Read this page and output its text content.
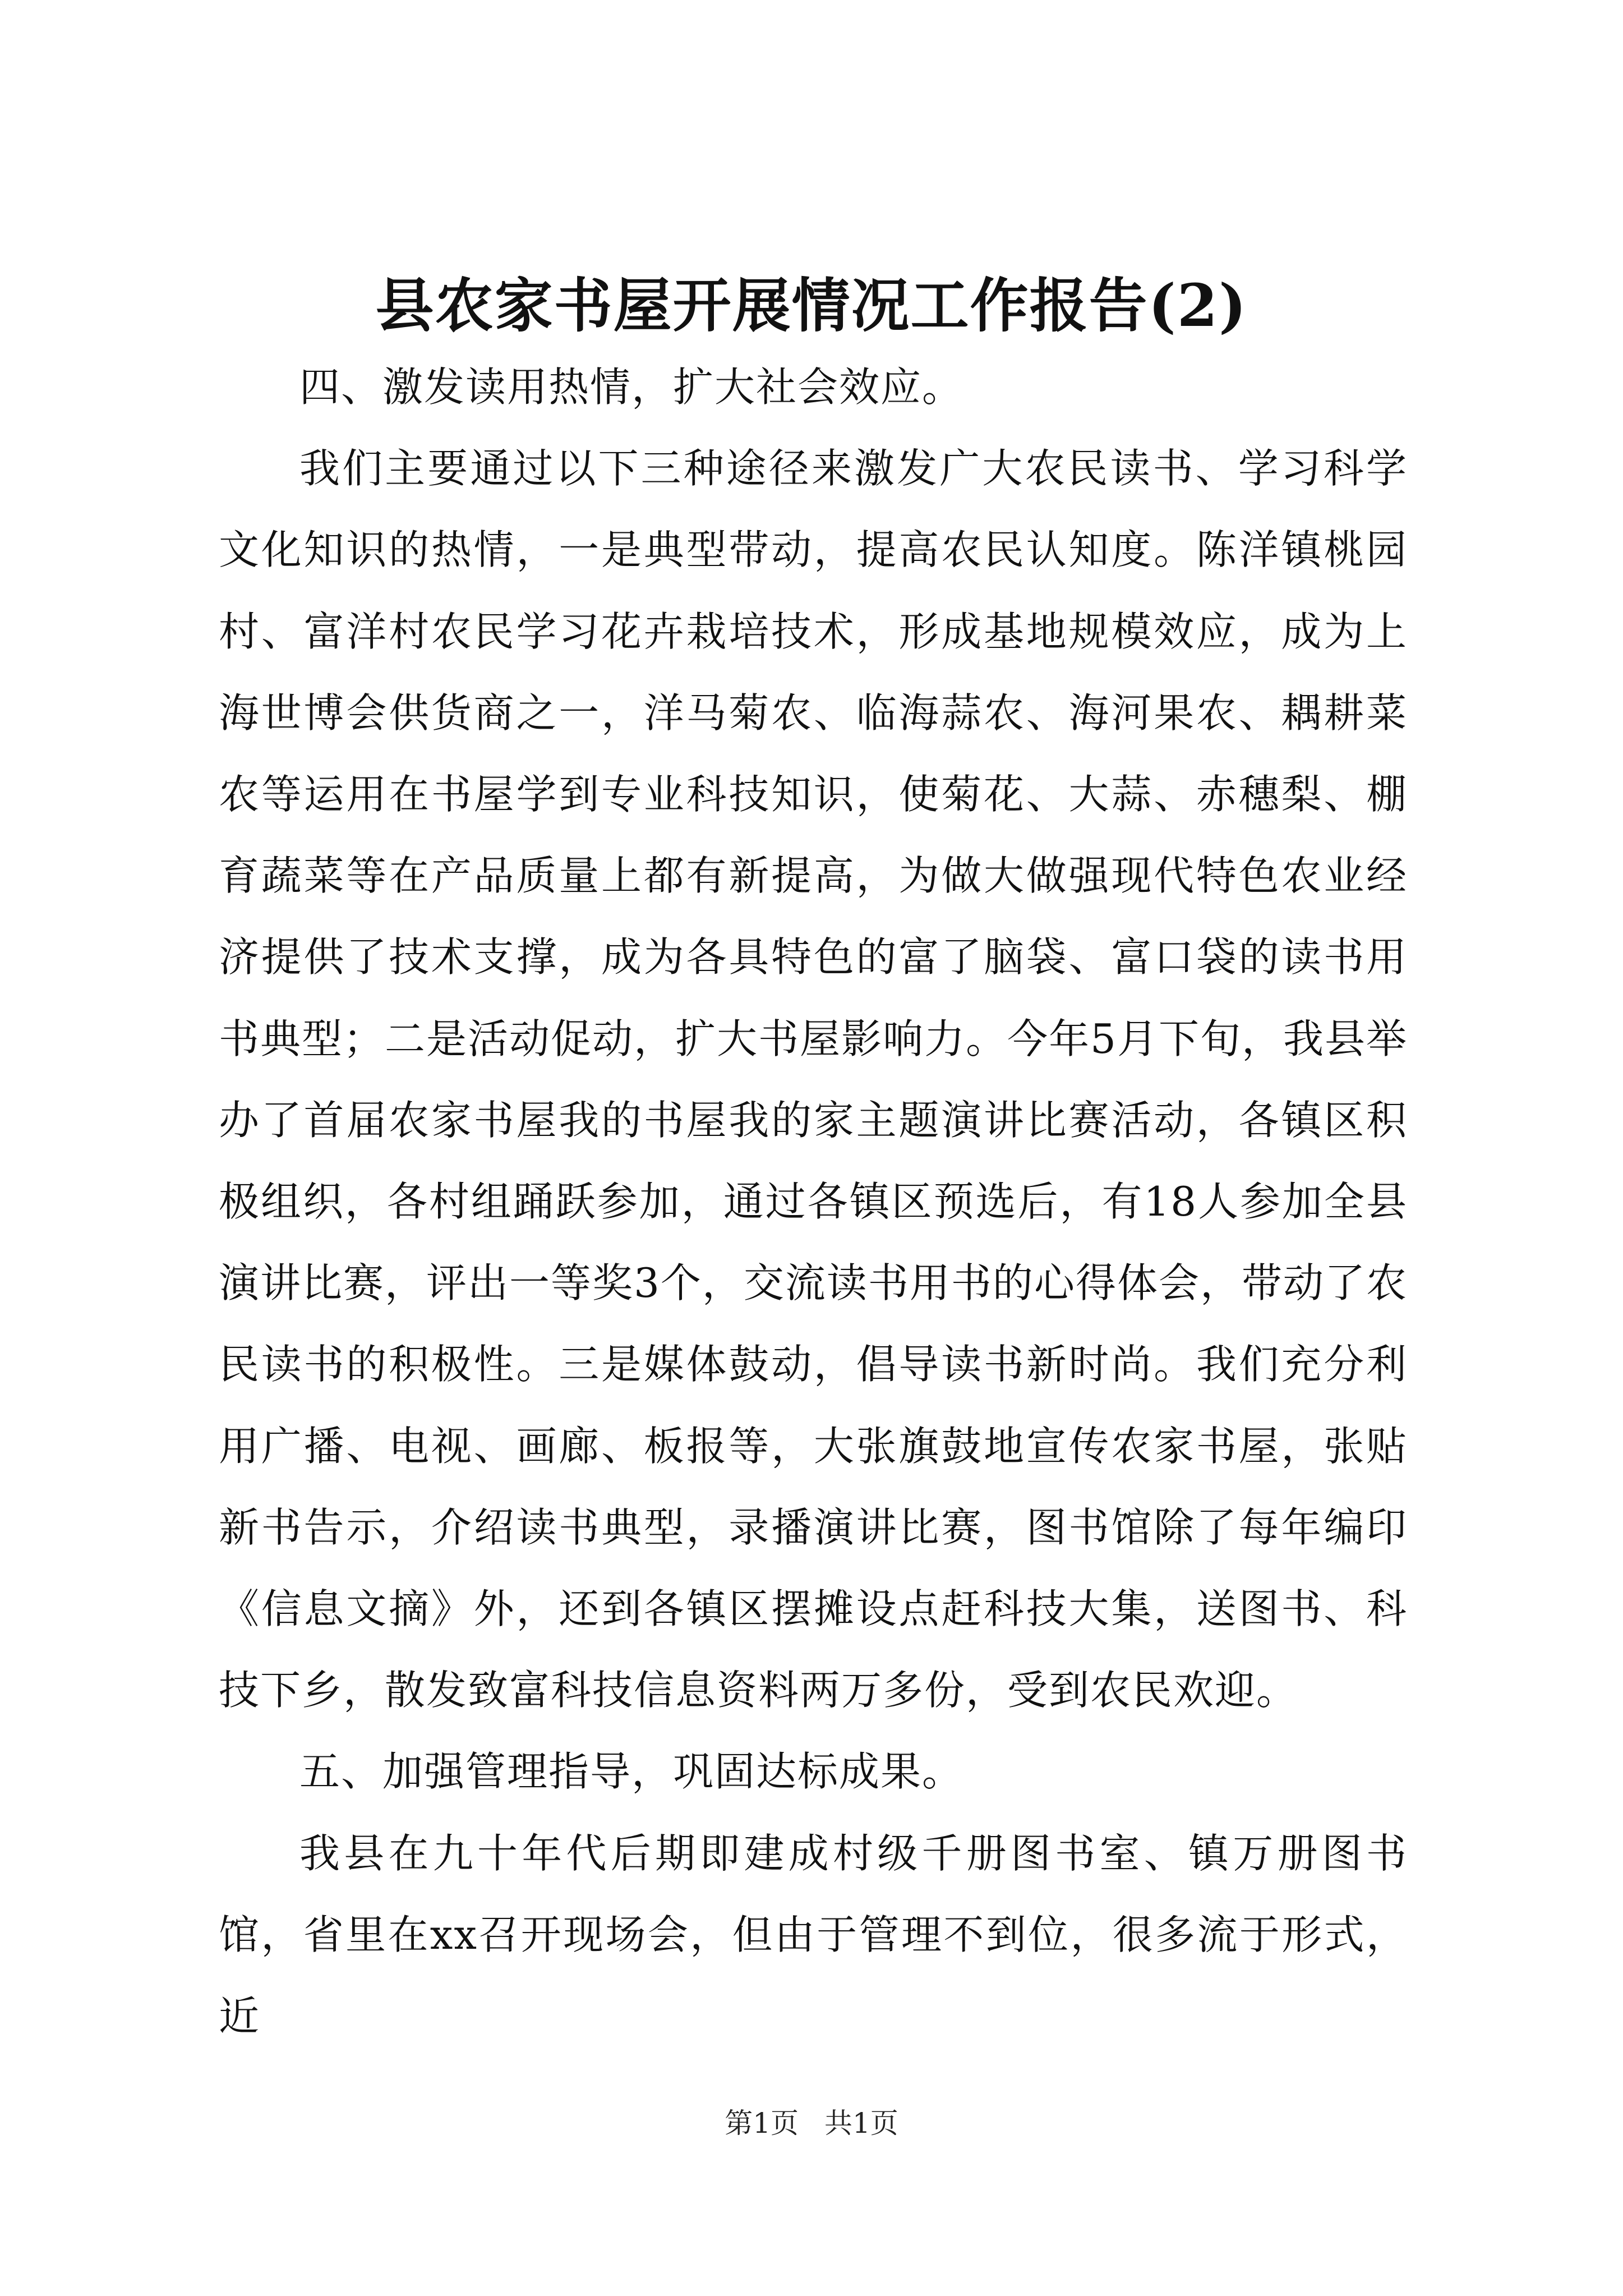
县农家书屋开展情况工作报告(2)

四、激发读用热情，扩大社会效应。

我们主要通过以下三种途径来激发广大农民读书、学习科学文化知识的热情，一是典型带动，提高农民认知度。陈洋镇桃园村、富洋村农民学习花卉栽培技术，形成基地规模效应，成为上海世博会供货商之一，洋马菊农、临海蒜农、海河果农、耦耕菜农等运用在书屋学到专业科技知识，使菊花、大蒜、赤穗梨、棚育蔬菜等在产品质量上都有新提高，为做大做强现代特色农业经济提供了技术支撑，成为各具特色的富了脑袋、富口袋的读书用书典型；二是活动促动，扩大书屋影响力。今年5月下旬，我县举办了首届农家书屋我的书屋我的家主题演讲比赛活动，各镇区积极组织，各村组踊跃参加，通过各镇区预选后，有18人参加全县演讲比赛，评出一等奖3个，交流读书用书的心得体会，带动了农民读书的积极性。三是媒体鼓动，倡导读书新时尚。我们充分利用广播、电视、画廊、板报等，大张旗鼓地宣传农家书屋，张贴新书告示，介绍读书典型，录播演讲比赛，图书馆除了每年编印《信息文摘》外，还到各镇区摆摊设点赶科技大集，送图书、科技下乡，散发致富科技信息资料两万多份，受到农民欢迎。

五、加强管理指导，巩固达标成果。

我县在九十年代后期即建成村级千册图书室、镇万册图书馆，省里在xx召开现场会，但由于管理不到位，很多流于形式，近

第1页 共1页
